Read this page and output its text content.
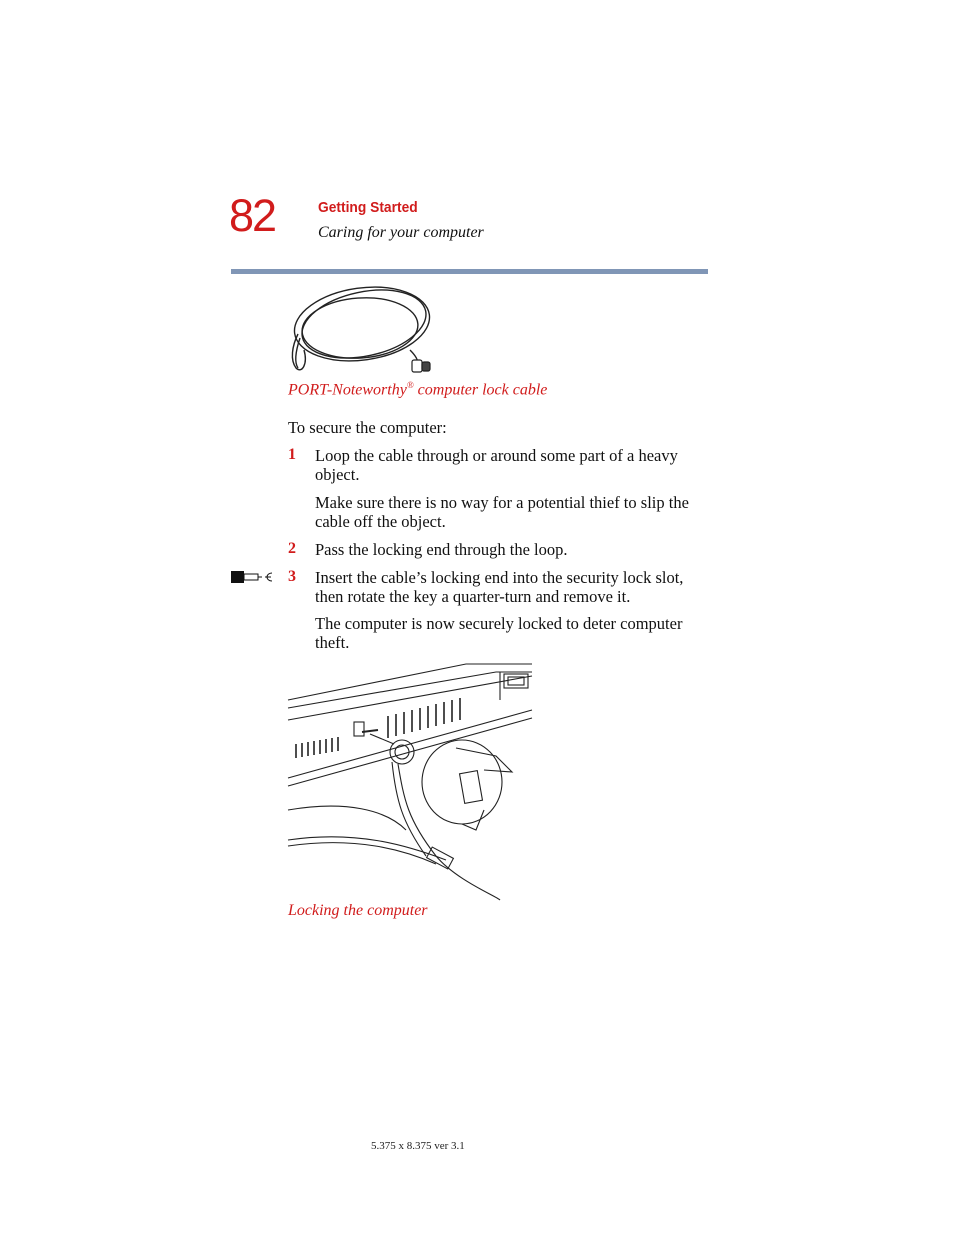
82	Getting Started
Caring for your computer
PORT-Noteworthy® computer lock cable
To secure the computer:
1 Loop the cable through or around some part of a heavy
object.
Make sure there is no way for a potential thief to slip the
cable off the object.
2 Pass the locking end through the loop.
3 Insert the cable’s locking end into the security lock slot,
then rotate the key a quarter-turn and remove it.
The computer is now securely locked to deter computer
theft.
Locking the computer
5.375 x 8.375 ver 3.1
